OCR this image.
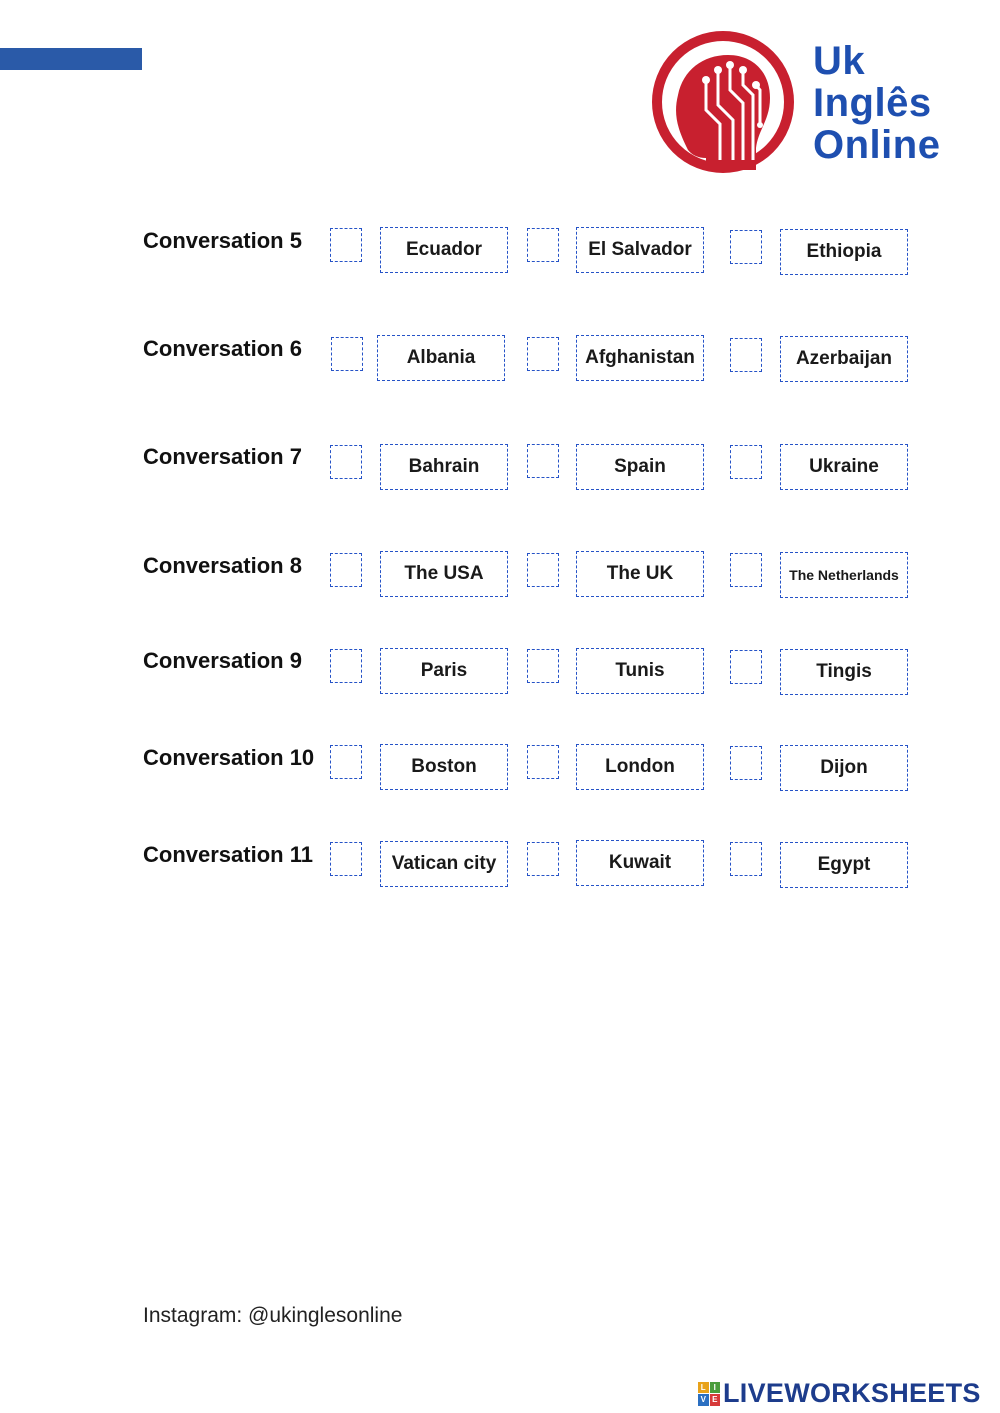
Uk
Inglês
Online
Conversation 5	Ecuador	El Salvador	Ethiopia
Conversation 6	Albania	Afghanistan	Azerbaijan
Conversation 7	Bahrain	Spain	Ukraine
Conversation 8	The USA	The UK	The Netherlands
Conversation 9	Paris	Tunis	Tingis
Conversation 10	Boston	London	Dijon
Conversation 11	Vatican city	Kuwait	Egypt
Instagram: @ukinglesonline
L I
V E LIVEWORKSHEETS
